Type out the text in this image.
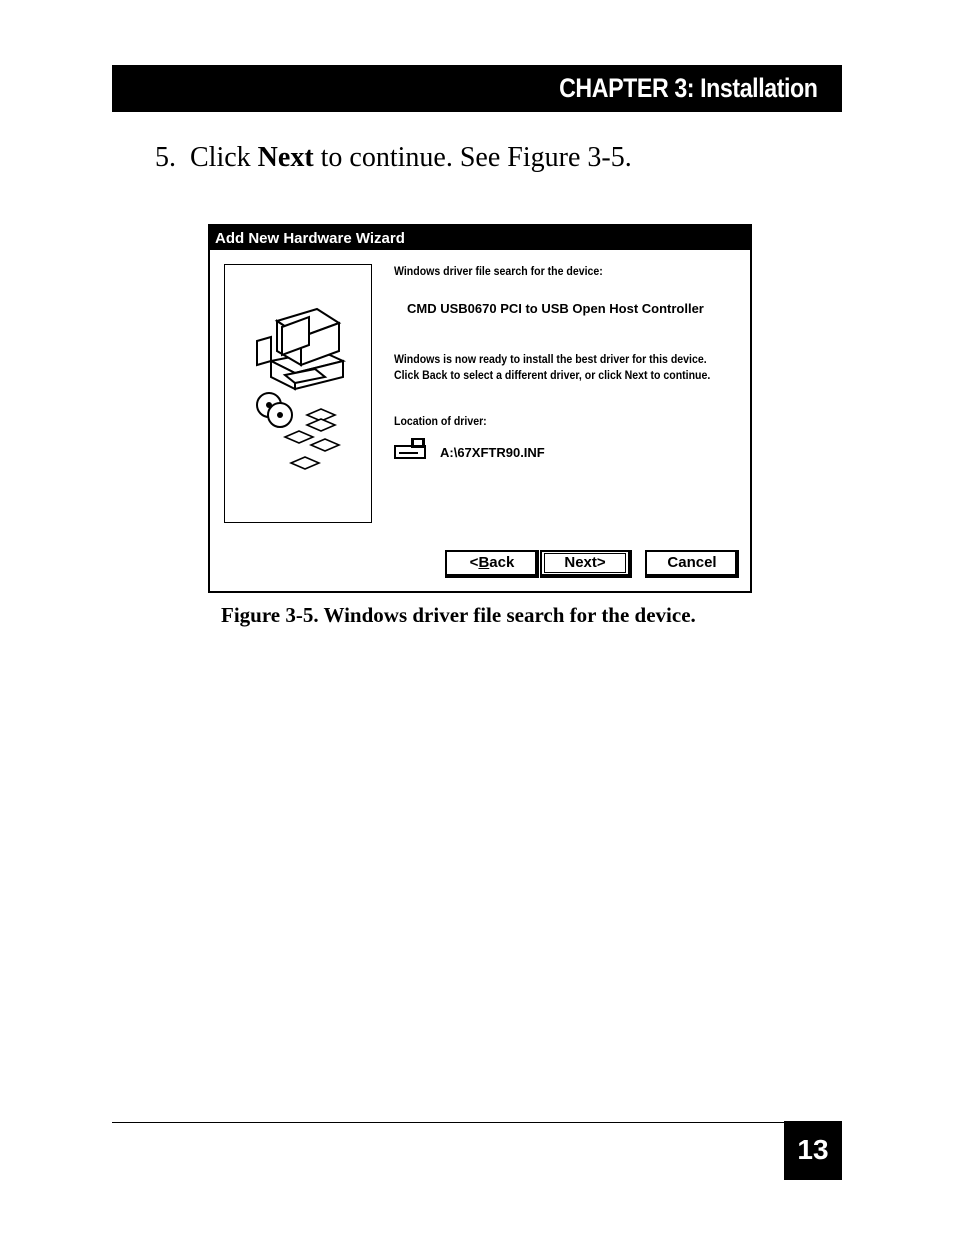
CHAPTER 3: Installation
5. Click Next to continue. See Figure 3-5.
Add New Hardware Wizard
Windows driver file search for the device:
CMD USB0670 PCI to USB Open Host Controller
Windows is now ready to install the best driver for this device.
Click Back to select a different driver, or click Next to continue.
Location of driver:
A:\67XFTR90.INF
<Back	Next>	Cancel
Figure 3-5. Windows driver file search for the device.
13
